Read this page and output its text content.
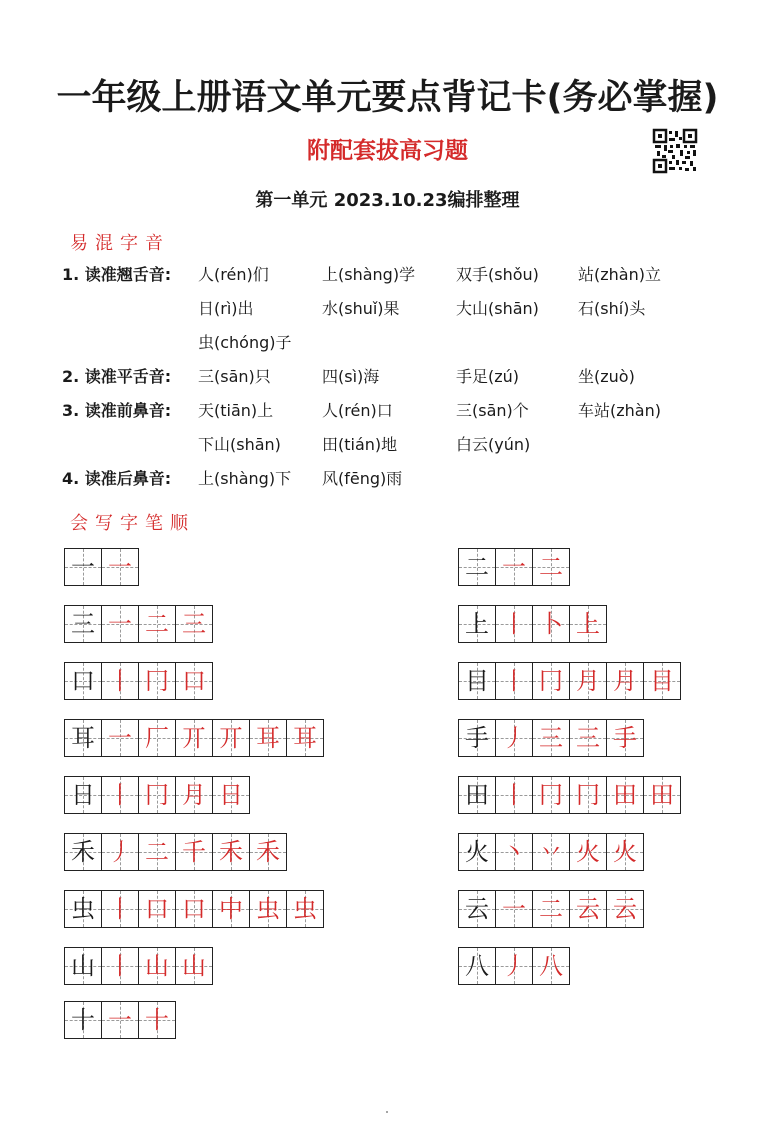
一年级上册语文单元要点背记卡(务必掌握)
附配套拔高习题
第一单元 2023.10.23编排整理
易混字音
1. 读准翘舌音: 人(rén)们	上(shàng)学	双手(shǒu) 站(zhàn)立
日(rì)出	水(shuǐ)果	大山(shān) 石(shí)头
虫(chóng)子
2. 读准平舌音: 三(sān)只	四(sì)海	手足(zú)	坐(zuò)
3. 读准前鼻音: 天(tiān)上	人(rén)口	三(sān)个	车站(zhàn)
下山(shān)	田(tián)地	白云(yún)
4. 读准后鼻音: 上(shàng)下 风(fēng)雨
会写字笔顺
一 一
三 一 二 三
口 丨 冂 口
耳 一 厂 丌 丌 耳 耳
日 丨 冂 月 日
禾 丿 二 千 禾 禾
虫 丨 口 口 中 虫 虫
山 丨 山 山
十 一 十
二 一 二
上 丨 卜 上
目 丨 冂 月 月 目
手 丿 三 三 手
田 丨 冂 冂 田 田
火 丶 丷 火 火
云 一 二 云 云
八 丿 八
